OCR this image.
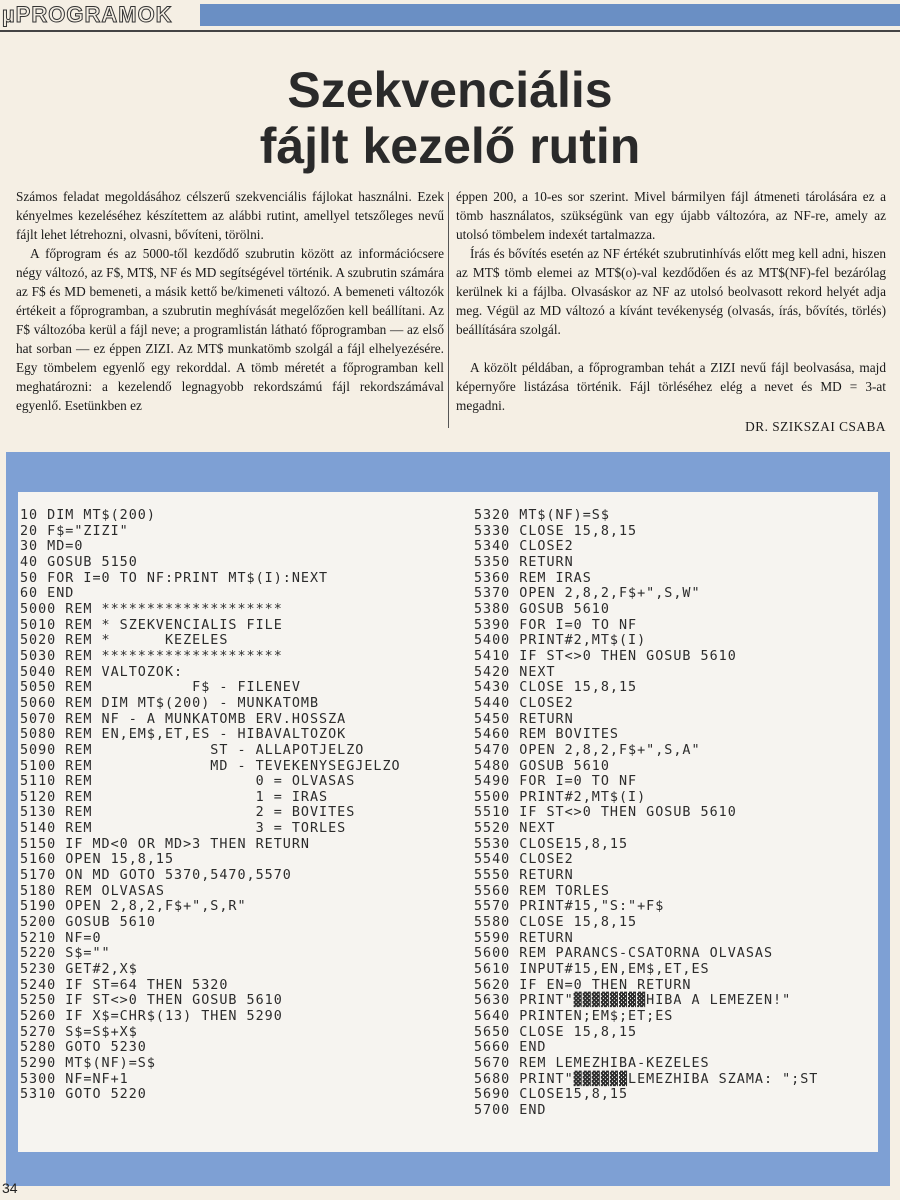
µPROGRAMOK
Szekvenciális
fájlt kezelő rutin

Számos feladat megoldásához célszerű szekvenciális fájlokat használni. Ezek kényelmes kezeléséhez készítettem az alábbi rutint, amellyel tetszőleges nevű fájlt lehet létrehozni, olvasni, bővíteni, törölni.

A főprogram és az 5000-től kezdődő szubrutin között az információcsere négy változó, az F$, MT$, NF és MD segítségével történik. A szubrutin számára az F$ és MD bemeneti, a másik kettő be/kimeneti változó. A bemeneti változók értékeit a főprogramban, a szubrutin meghívását megelőzően kell beállítani. Az F$ változóba kerül a fájl neve; a programlistán látható főprogramban — az első hat sorban — ez éppen ZIZI. Az MT$ munkatömb szolgál a fájl elhelyezésére. Egy tömbelem egyenlő egy rekorddal. A tömb méretét a főprogramban kell meghatározni: a kezelendő legnagyobb rekordszámú fájl rekordszámával egyenlő. Esetünkben ez

éppen 200, a 10-es sor szerint. Mivel bármilyen fájl átmeneti tárolására ez a tömb használatos, szükségünk van egy újabb változóra, az NF-re, amely az utolsó tömbelem indexét tartalmazza.

Írás és bővítés esetén az NF értékét szubrutinhívás előtt meg kell adni, hiszen az MT$ tömb elemei az MT$(o)-val kezdődően és az MT$(NF)-fel bezárólag kerülnek ki a fájlba. Olvasáskor az NF az utolsó beolvasott rekord helyét adja meg. Végül az MD változó a kívánt tevékenység (olvasás, írás, bővítés, törlés) beállítására szolgál.

A közölt példában, a főprogramban tehát a ZIZI nevű fájl beolvasása, majd képernyőre listázása történik. Fájl törléséhez elég a nevet és MD = 3-at megadni.

DR. SZIKSZAI CSABA
10 DIM MT$(200)
20 F$="ZIZI"
30 MD=0
40 GOSUB 5150
50 FOR I=0 TO NF:PRINT MT$(I):NEXT
60 END
5000 REM ********************
5010 REM * SZEKVENCIALIS FILE
5020 REM *      KEZELES
5030 REM ********************
5040 REM VALTOZOK:
5050 REM           F$ - FILENEV
5060 REM DIM MT$(200) - MUNKATOMB
5070 REM NF - A MUNKATOMB ERV.HOSSZA
5080 REM EN,EM$,ET,ES - HIBAVALTOZOK
5090 REM             ST - ALLAPOTJELZO
5100 REM             MD - TEVEKENYSEGJELZO
5110 REM                  0 = OLVASAS
5120 REM                  1 = IRAS
5130 REM                  2 = BOVITES
5140 REM                  3 = TORLES
5150 IF MD<0 OR MD>3 THEN RETURN
5160 OPEN 15,8,15
5170 ON MD GOTO 5370,5470,5570
5180 REM OLVASAS
5190 OPEN 2,8,2,F$+",S,R"
5200 GOSUB 5610
5210 NF=0
5220 S$=""
5230 GET#2,X$
5240 IF ST=64 THEN 5320
5250 IF ST<>0 THEN GOSUB 5610
5260 IF X$=CHR$(13) THEN 5290
5270 S$=S$+X$
5280 GOTO 5230
5290 MT$(NF)=S$
5300 NF=NF+1
5310 GOTO 5220
5320 MT$(NF)=S$
5330 CLOSE 15,8,15
5340 CLOSE2
5350 RETURN
5360 REM IRAS
5370 OPEN 2,8,2,F$+",S,W"
5380 GOSUB 5610
5390 FOR I=0 TO NF
5400 PRINT#2,MT$(I)
5410 IF ST<>0 THEN GOSUB 5610
5420 NEXT
5430 CLOSE 15,8,15
5440 CLOSE2
5450 RETURN
5460 REM BOVITES
5470 OPEN 2,8,2,F$+",S,A"
5480 GOSUB 5610
5490 FOR I=0 TO NF
5500 PRINT#2,MT$(I)
5510 IF ST<>0 THEN GOSUB 5610
5520 NEXT
5530 CLOSE15,8,15
5540 CLOSE2
5550 RETURN
5560 REM TORLES
5570 PRINT#15,"S:"+F$
5580 CLOSE 15,8,15
5590 RETURN
5600 REM PARANCS-CSATORNA OLVASAS
5610 INPUT#15,EN,EM$,ET,ES
5620 IF EN=0 THEN RETURN
5630 PRINT"▓▓▓▓▓▓▓▓HIBA A LEMEZEN!"
5640 PRINTEN;EM$;ET;ES
5650 CLOSE 15,8,15
5660 END
5670 REM LEMEZHIBA-KEZELES
5680 PRINT"▓▓▓▓▓▓LEMEZHIBA SZAMA: ";ST
5690 CLOSE15,8,15
5700 END
34
